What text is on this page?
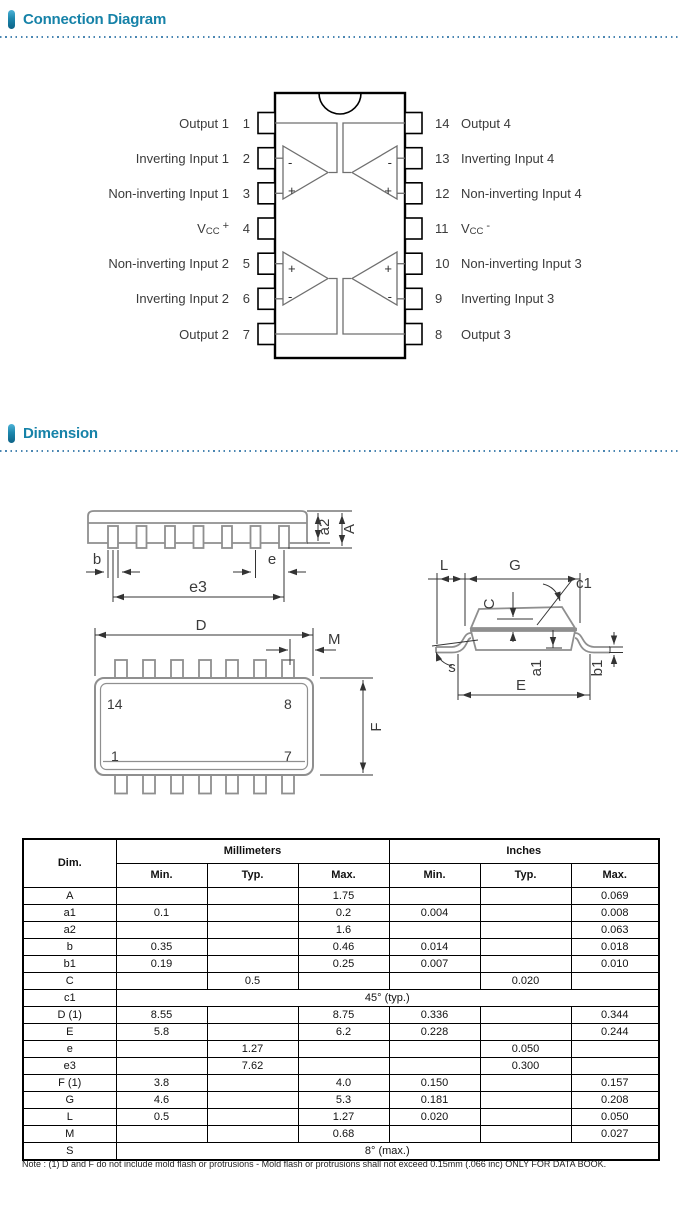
Connection Diagram
-
+
-
+
+
-
+
-
Output 1	1
Inverting Input 1	2
Non-inverting Input 1	3
VCC +	4
Non-inverting Input 2	5
Inverting Input 2	6
Output 2	7
14 Output 4
13 Inverting Input 4
12 Non-inverting Input 4
11 VCC -
10 Non-inverting Input 3
9	Inverting Input 3
8	Output 3
Dimension
b	e
e3
a2 A
L	G
C
c1
s	a1	b1
E
D
M
F
14	8
1	7
Dim.	Millimeters			Inches		
	Min.	Typ.	Max.	Min.	Typ.	Max.
A			1.75			0.069
a1	0.1		0.2	0.004		0.008
a2			1.6			0.063
b	0.35		0.46	0.014		0.018
b1	0.19		0.25	0.007		0.010
C		0.5			0.020	
c1	45° (typ.)					
D (1)	8.55		8.75	0.336		0.344
E	5.8		6.2	0.228		0.244
e		1.27			0.050	
e3		7.62			0.300	
F (1)	3.8		4.0	0.150		0.157
G	4.6		5.3	0.181		0.208
L	0.5		1.27	0.020		0.050
M			0.68			0.027
S	8° (max.)					
Note : (1) D and F do not include mold flash or protrusions - Mold flash or protrusions shall not exceed 0.15mm (.066 inc) ONLY FOR DATA BOOK.
